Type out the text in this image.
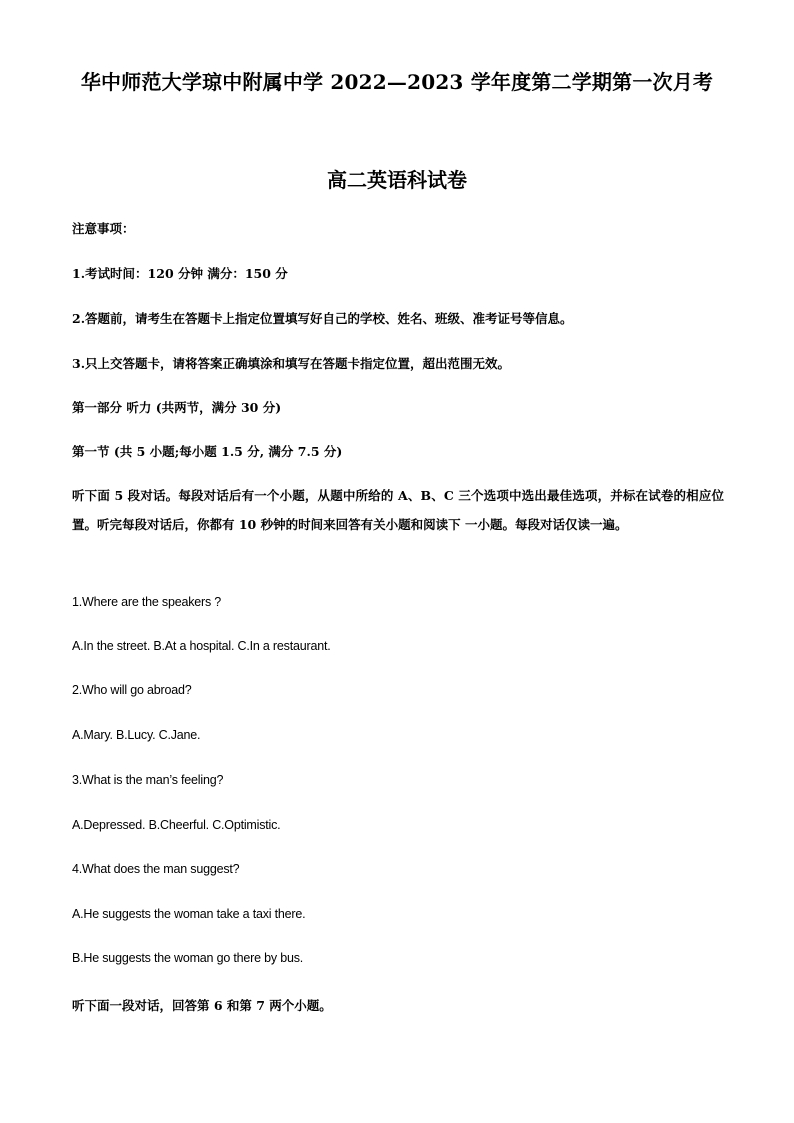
华中师范大学琼中附属中学 2022—2023 学年度第二学期第一次月考
高二英语科试卷
注意事项：
1.考试时间：120 分钟 满分：150 分
2.答题前，请考生在答题卡上指定位置填写好自己的学校、姓名、班级、准考证号等信息。
3.只上交答题卡，请将答案正确填涂和填写在答题卡指定位置，超出范围无效。
第一部分 听力 (共两节，满分 30 分)
第一节 (共 5 小题;每小题 1.5 分, 满分 7.5 分)
听下面 5 段对话。每段对话后有一个小题，从题中所给的 A、B、C 三个选项中选出最佳选项，并标在试卷的相应位置。听完每段对话后，你都有 10 秒钟的时间来回答有关小题和阅读下 一小题。每段对话仅读一遍。
1.Where are the speakers ?
A.In the street. B.At a hospital. C.In a restaurant.
2.Who will go abroad?
A.Mary. B.Lucy. C.Jane.
3.What is the man’s feeling?
A.Depressed. B.Cheerful. C.Optimistic.
4.What does the man suggest?
A.He suggests the woman take a taxi there.
B.He suggests the woman go there by bus.
听下面一段对话，回答第 6 和第 7 两个小题。
